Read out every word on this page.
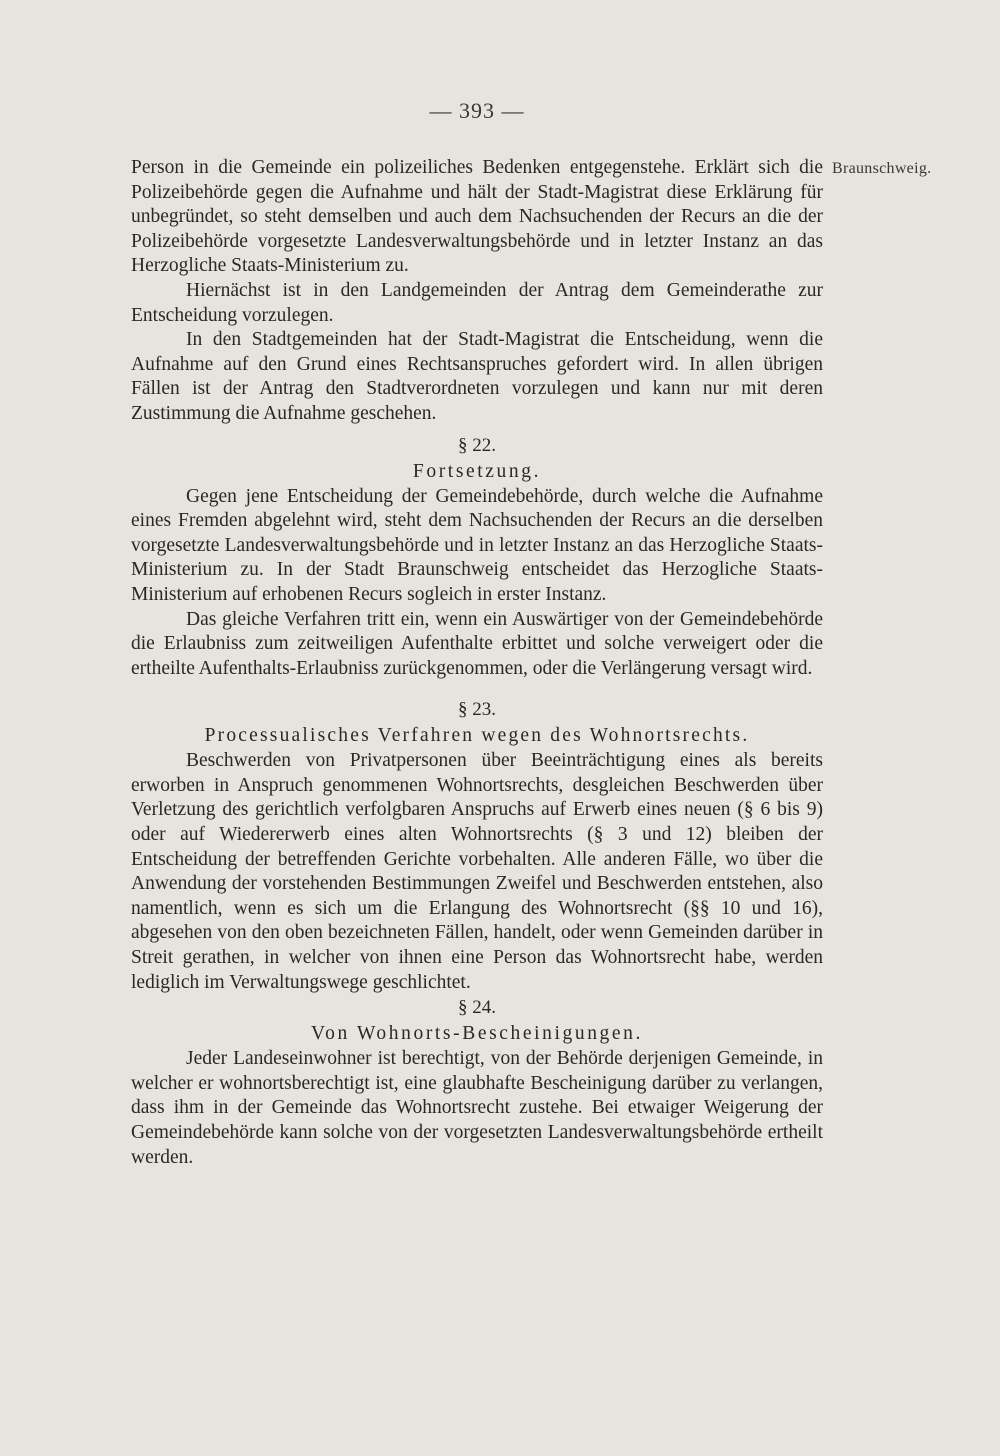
— 393 —
Braunschweig.

Person in die Gemeinde ein polizeiliches Bedenken entgegenstehe. Erklärt sich die Polizeibehörde gegen die Aufnahme und hält der Stadt-Magistrat diese Erklärung für unbegründet, so steht demselben und auch dem Nachsuchenden der Recurs an die der Polizeibehörde vorgesetzte Landesverwaltungsbehörde und in letzter Instanz an das Herzogliche Staats-Ministerium zu.

Hiernächst ist in den Landgemeinden der Antrag dem Gemeinderathe zur Entscheidung vorzulegen.

In den Stadtgemeinden hat der Stadt-Magistrat die Entscheidung, wenn die Aufnahme auf den Grund eines Rechtsanspruches gefordert wird. In allen übrigen Fällen ist der Antrag den Stadtverordneten vorzulegen und kann nur mit deren Zustimmung die Aufnahme geschehen.

§ 22.
Fortsetzung.

Gegen jene Entscheidung der Gemeindebehörde, durch welche die Aufnahme eines Fremden abgelehnt wird, steht dem Nachsuchenden der Recurs an die derselben vorgesetzte Landesverwaltungsbehörde und in letzter Instanz an das Herzogliche Staats-Ministerium zu. In der Stadt Braunschweig entscheidet das Herzogliche Staats-Ministerium auf erhobenen Recurs sogleich in erster Instanz.

Das gleiche Verfahren tritt ein, wenn ein Auswärtiger von der Gemeindebehörde die Erlaubniss zum zeitweiligen Aufenthalte erbittet und solche verweigert oder die ertheilte Aufenthalts-Erlaubniss zurückgenommen, oder die Verlängerung versagt wird.

§ 23.
Processualisches Verfahren wegen des Wohnortsrechts.

Beschwerden von Privatpersonen über Beeinträchtigung eines als bereits erworben in Anspruch genommenen Wohnortsrechts, desgleichen Beschwerden über Verletzung des gerichtlich verfolgbaren Anspruchs auf Erwerb eines neuen (§ 6 bis 9) oder auf Wiedererwerb eines alten Wohnortsrechts (§ 3 und 12) bleiben der Entscheidung der betreffenden Gerichte vorbehalten. Alle anderen Fälle, wo über die Anwendung der vorstehenden Bestimmungen Zweifel und Beschwerden entstehen, also namentlich, wenn es sich um die Erlangung des Wohnortsrecht (§§ 10 und 16), abgesehen von den oben bezeichneten Fällen, handelt, oder wenn Gemeinden darüber in Streit gerathen, in welcher von ihnen eine Person das Wohnortsrecht habe, werden lediglich im Verwaltungswege geschlichtet.

§ 24.
Von Wohnorts-Bescheinigungen.

Jeder Landeseinwohner ist berechtigt, von der Behörde derjenigen Gemeinde, in welcher er wohnortsberechtigt ist, eine glaubhafte Bescheinigung darüber zu verlangen, dass ihm in der Gemeinde das Wohnortsrecht zustehe. Bei etwaiger Weigerung der Gemeindebehörde kann solche von der vorgesetzten Landesverwaltungsbehörde ertheilt werden.
